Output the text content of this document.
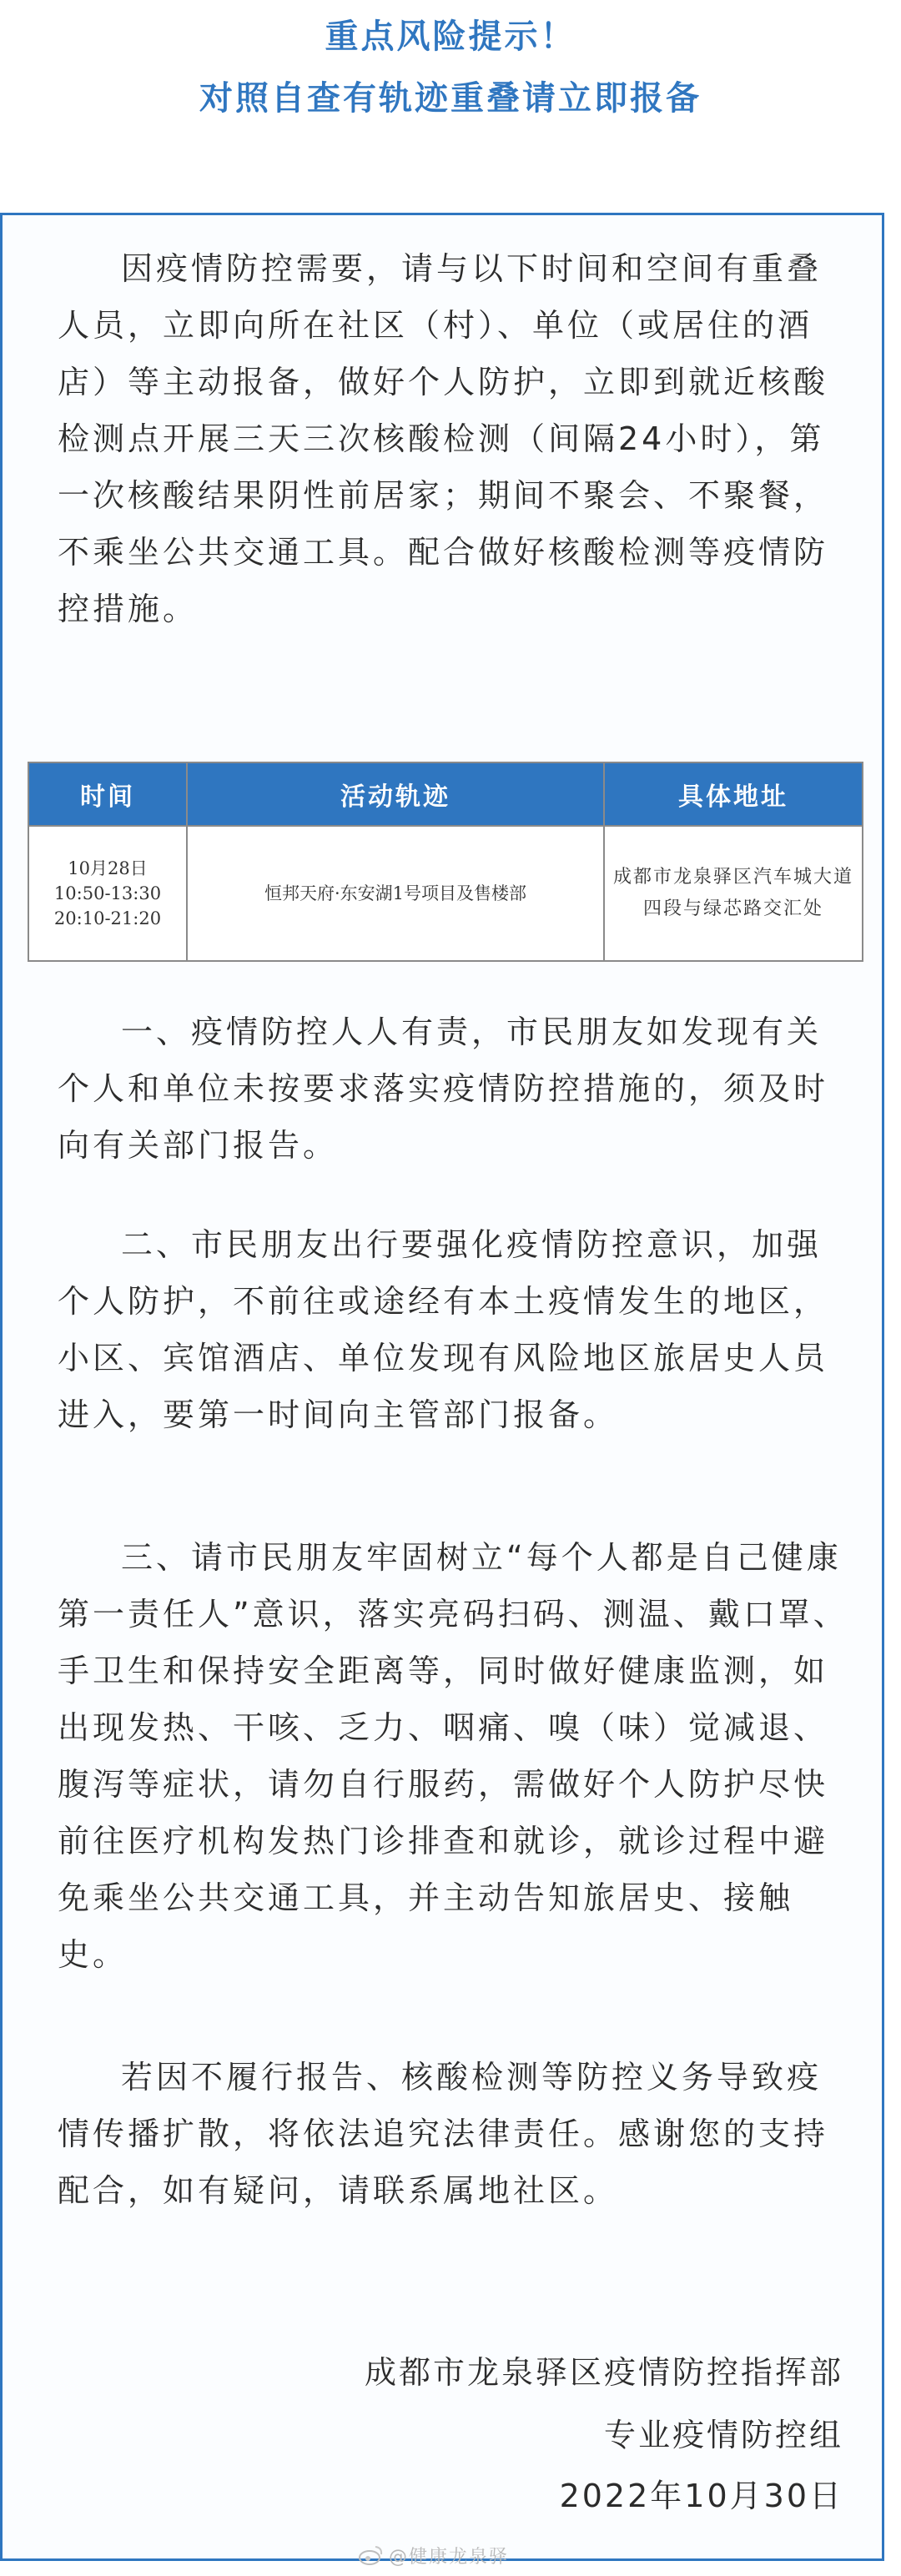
重点风险提示！
对照自查有轨迹重叠请立即报备

因疫情防控需要，请与以下时间和空间有重叠人员，立即向所在社区（村）、单位（或居住的酒店）等主动报备，做好个人防护，立即到就近核酸检测点开展三天三次核酸检测（间隔24小时），第一次核酸结果阴性前居家；期间不聚会、不聚餐，不乘坐公共交通工具。配合做好核酸检测等疫情防控措施。

时间	活动轨迹	具体地址

10月28日
10:50-13:30
20:10-21:20	恒邦天府·东安湖1号项目及售楼部	成都市龙泉驿区汽车城大道四段与绿芯路交汇处

一、疫情防控人人有责，市民朋友如发现有关个人和单位未按要求落实疫情防控措施的，须及时向有关部门报告。

二、市民朋友出行要强化疫情防控意识，加强个人防护，不前往或途经有本土疫情发生的地区，小区、宾馆酒店、单位发现有风险地区旅居史人员进入，要第一时间向主管部门报备。

三、请市民朋友牢固树立“每个人都是自己健康第一责任人”意识，落实亮码扫码、测温、戴口罩、手卫生和保持安全距离等，同时做好健康监测，如出现发热、干咳、乏力、咽痛、嗅（味）觉减退、腹泻等症状，请勿自行服药，需做好个人防护尽快前往医疗机构发热门诊排查和就诊，就诊过程中避免乘坐公共交通工具，并主动告知旅居史、接触史。

若因不履行报告、核酸检测等防控义务导致疫情传播扩散，将依法追究法律责任。感谢您的支持配合，如有疑问，请联系属地社区。

成都市龙泉驿区疫情防控指挥部
专业疫情防控组
2022年10月30日
@健康龙泉驿
